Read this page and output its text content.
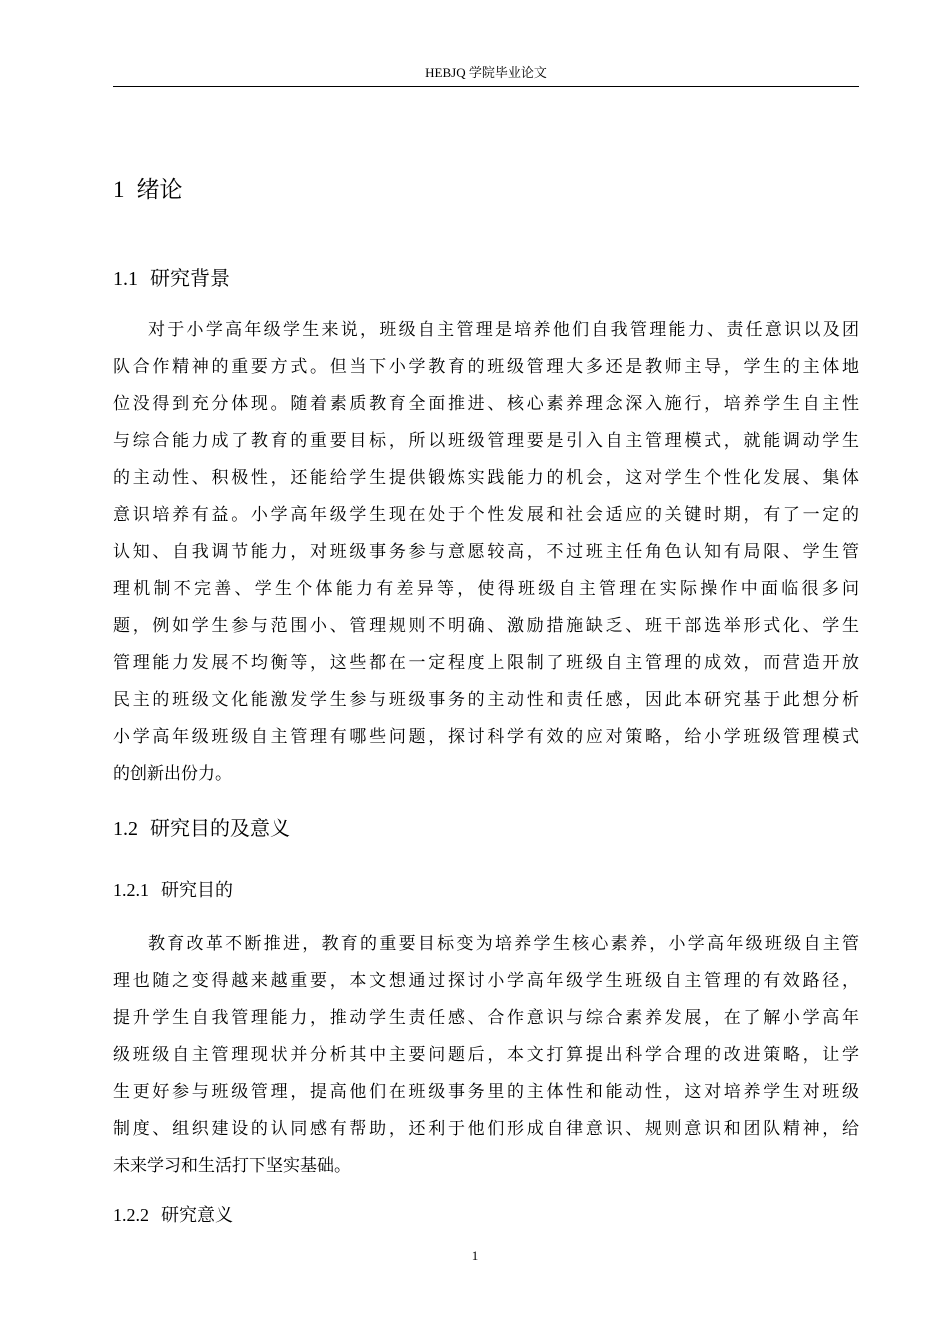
HEBJQ 学院毕业论文
1 绪论
1.1 研究背景
对于小学高年级学生来说，班级自主管理是培养他们自我管理能力、责任意识以及团
队合作精神的重要方式。但当下小学教育的班级管理大多还是教师主导，学生的主体地
位没得到充分体现。随着素质教育全面推进、核心素养理念深入施行，培养学生自主性
与综合能力成了教育的重要目标，所以班级管理要是引入自主管理模式，就能调动学生
的主动性、积极性，还能给学生提供锻炼实践能力的机会，这对学生个性化发展、集体
意识培养有益。小学高年级学生现在处于个性发展和社会适应的关键时期，有了一定的
认知、自我调节能力，对班级事务参与意愿较高，不过班主任角色认知有局限、学生管
理机制不完善、学生个体能力有差异等，使得班级自主管理在实际操作中面临很多问
题，例如学生参与范围小、管理规则不明确、激励措施缺乏、班干部选举形式化、学生
管理能力发展不均衡等，这些都在一定程度上限制了班级自主管理的成效，而营造开放
民主的班级文化能激发学生参与班级事务的主动性和责任感，因此本研究基于此想分析
小学高年级班级自主管理有哪些问题，探讨科学有效的应对策略，给小学班级管理模式
的创新出份力。
1.2 研究目的及意义
1.2.1 研究目的
教育改革不断推进，教育的重要目标变为培养学生核心素养，小学高年级班级自主管
理也随之变得越来越重要，本文想通过探讨小学高年级学生班级自主管理的有效路径，
提升学生自我管理能力，推动学生责任感、合作意识与综合素养发展，在了解小学高年
级班级自主管理现状并分析其中主要问题后，本文打算提出科学合理的改进策略，让学
生更好参与班级管理，提高他们在班级事务里的主体性和能动性，这对培养学生对班级
制度、组织建设的认同感有帮助，还利于他们形成自律意识、规则意识和团队精神，给
未来学习和生活打下坚实基础。
1.2.2 研究意义
1
